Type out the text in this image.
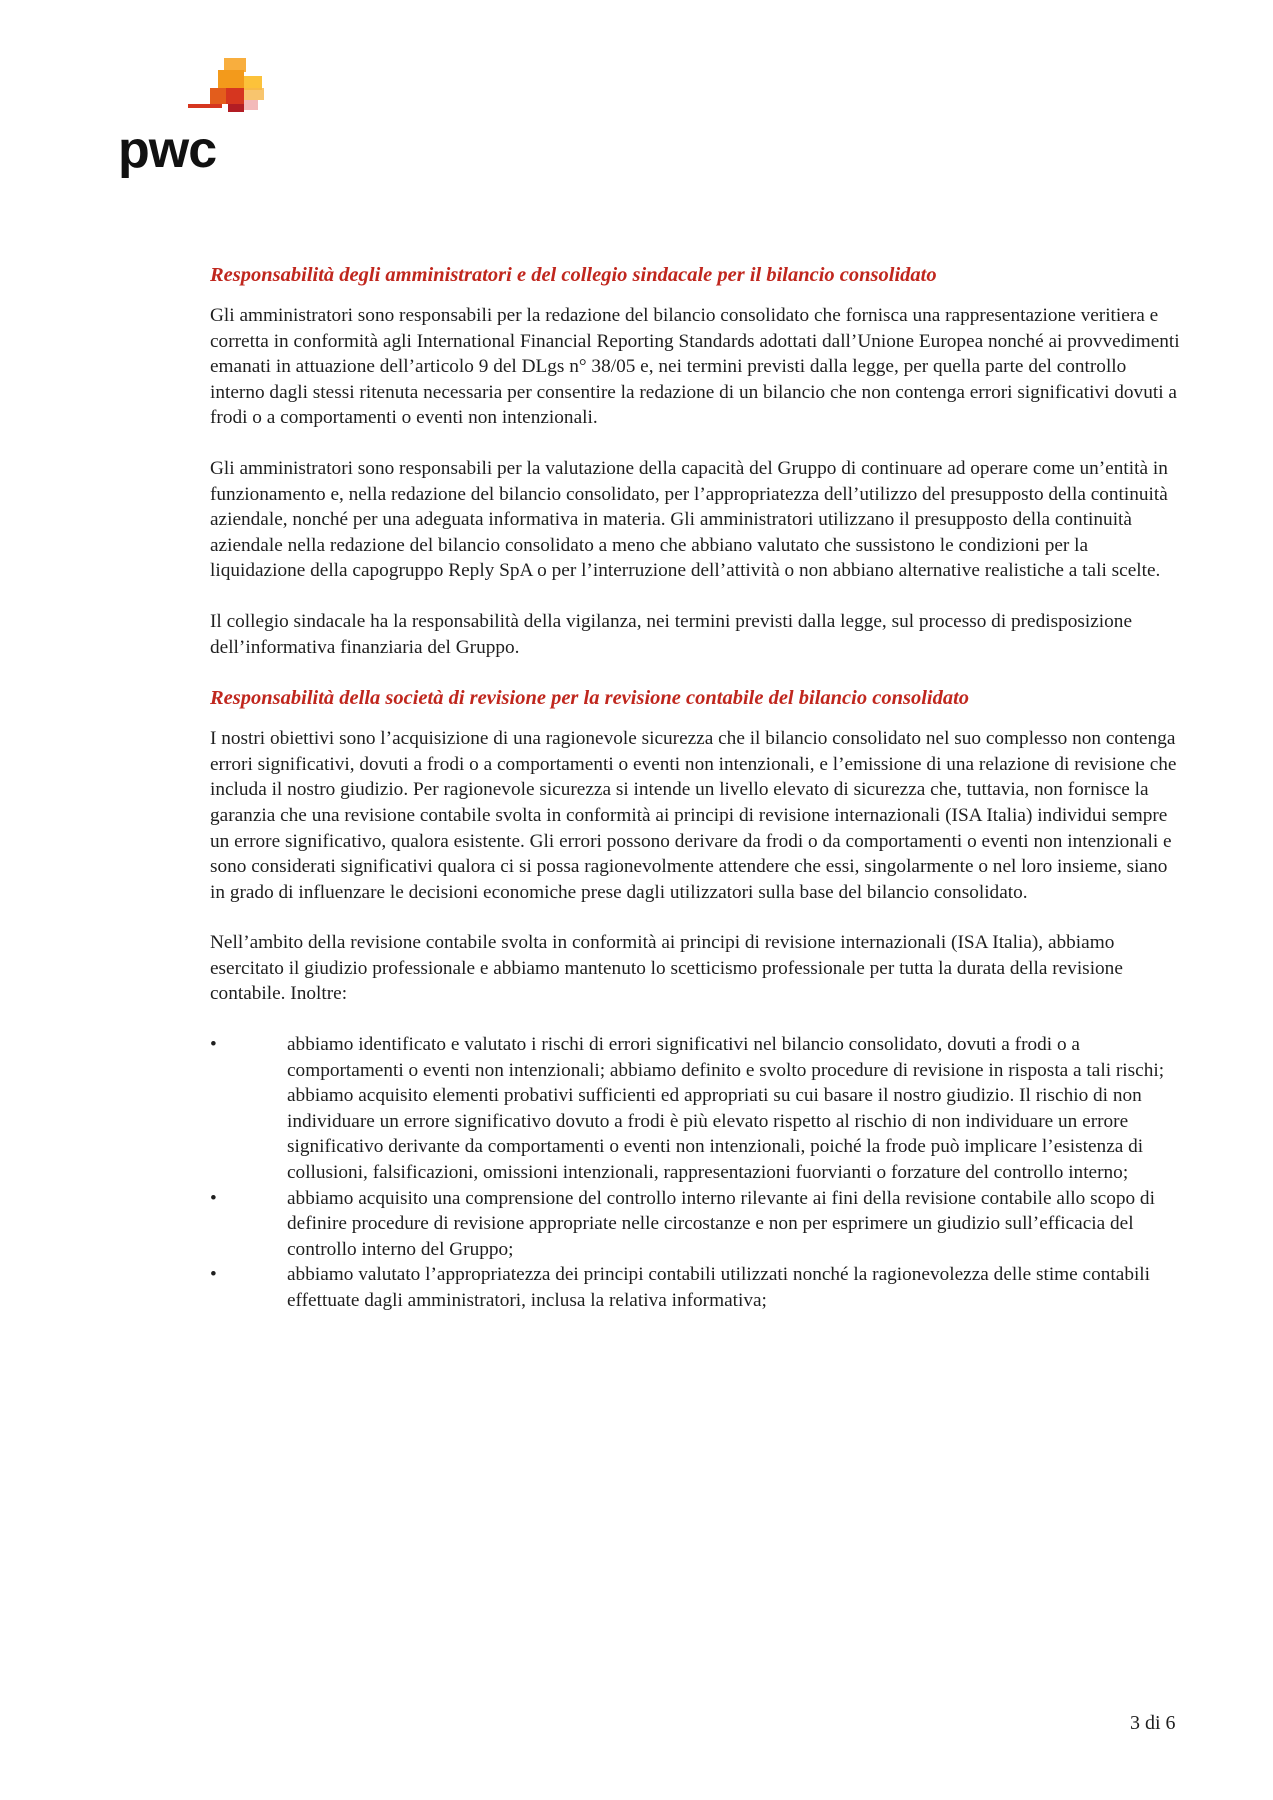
pwc
Responsabilità degli amministratori e del collegio sindacale per il bilancio consolidato

Gli amministratori sono responsabili per la redazione del bilancio consolidato che fornisca una rappresentazione veritiera e corretta in conformità agli International Financial Reporting Standards adottati dall’Unione Europea nonché ai provvedimenti emanati in attuazione dell’articolo 9 del DLgs n° 38/05 e, nei termini previsti dalla legge, per quella parte del controllo interno dagli stessi ritenuta necessaria per consentire la redazione di un bilancio che non contenga errori significativi dovuti a frodi o a comportamenti o eventi non intenzionali.

Gli amministratori sono responsabili per la valutazione della capacità del Gruppo di continuare ad operare come un’entità in funzionamento e, nella redazione del bilancio consolidato, per l’appropriatezza dell’utilizzo del presupposto della continuità aziendale, nonché per una adeguata informativa in materia. Gli amministratori utilizzano il presupposto della continuità aziendale nella redazione del bilancio consolidato a meno che abbiano valutato che sussistono le condizioni per la liquidazione della capogruppo Reply SpA o per l’interruzione dell’attività o non abbiano alternative realistiche a tali scelte.

Il collegio sindacale ha la responsabilità della vigilanza, nei termini previsti dalla legge, sul processo di predisposizione dell’informativa finanziaria del Gruppo.

Responsabilità della società di revisione per la revisione contabile del bilancio consolidato

I nostri obiettivi sono l’acquisizione di una ragionevole sicurezza che il bilancio consolidato nel suo complesso non contenga errori significativi, dovuti a frodi o a comportamenti o eventi non intenzionali, e l’emissione di una relazione di revisione che includa il nostro giudizio. Per ragionevole sicurezza si intende un livello elevato di sicurezza che, tuttavia, non fornisce la garanzia che una revisione contabile svolta in conformità ai principi di revisione internazionali (ISA Italia) individui sempre un errore significativo, qualora esistente. Gli errori possono derivare da frodi o da comportamenti o eventi non intenzionali e sono considerati significativi qualora ci si possa ragionevolmente attendere che essi, singolarmente o nel loro insieme, siano in grado di influenzare le decisioni economiche prese dagli utilizzatori sulla base del bilancio consolidato.

Nell’ambito della revisione contabile svolta in conformità ai principi di revisione internazionali (ISA Italia), abbiamo esercitato il giudizio professionale e abbiamo mantenuto lo scetticismo professionale per tutta la durata della revisione contabile. Inoltre:

•	abbiamo identificato e valutato i rischi di errori significativi nel bilancio consolidato, dovuti a frodi o a comportamenti o eventi non intenzionali; abbiamo definito e svolto procedure di revisione in risposta a tali rischi; abbiamo acquisito elementi probativi sufficienti ed appropriati su cui basare il nostro giudizio. Il rischio di non individuare un errore significativo dovuto a frodi è più elevato rispetto al rischio di non individuare un errore significativo derivante da comportamenti o eventi non intenzionali, poiché la frode può implicare l’esistenza di collusioni, falsificazioni, omissioni intenzionali, rappresentazioni fuorvianti o forzature del controllo interno;
•	abbiamo acquisito una comprensione del controllo interno rilevante ai fini della revisione contabile allo scopo di definire procedure di revisione appropriate nelle circostanze e non per esprimere un giudizio sull’efficacia del controllo interno del Gruppo;
•	abbiamo valutato l’appropriatezza dei principi contabili utilizzati nonché la ragionevolezza delle stime contabili effettuate dagli amministratori, inclusa la relativa informativa;
3 di 6
